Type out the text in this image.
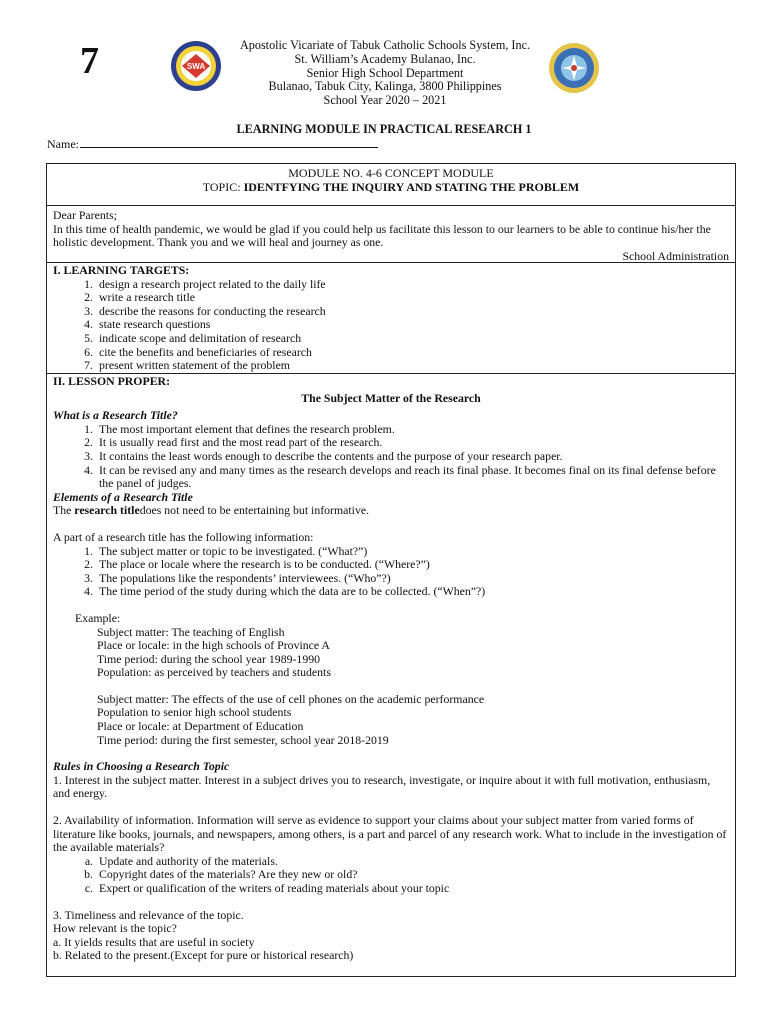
7	SWA
Apostolic Vicariate of Tabuk Catholic Schools System, Inc.
St. William’s Academy Bulanao, Inc.
Senior High School Department
Bulanao, Tabuk City, Kalinga, 3800 Philippines
School Year 2020 – 2021
LEARNING MODULE IN PRACTICAL RESEARCH 1
Name:
MODULE NO. 4-6 CONCEPT MODULE
TOPIC: IDENTFYING THE INQUIRY AND STATING THE PROBLEM

Dear Parents;

In this time of health pandemic, we would be glad if you could help us facilitate this lesson to our learners to be able to continue his/her the holistic development. Thank you and we will heal and journey as one.

School Administration

I. LEARNING TARGETS:

1. design a research project related to the daily life
2. write a research title
3. describe the reasons for conducting the research
4. state research questions
5. indicate scope and delimitation of research
6. cite the benefits and beneficiaries of research
7. present written statement of the problem

II. LESSON PROPER:

The Subject Matter of the Research

What is a Research Title?

1. The most important element that defines the research problem.
2. It is usually read first and the most read part of the research.
3. It contains the least words enough to describe the contents and the purpose of your research paper.
4. It can be revised any and many times as the research develops and reach its final phase. It becomes final on its final defense before the panel of judges.

Elements of a Research Title

The research titledoes not need to be entertaining but informative.

A part of a research title has the following information:

1. The subject matter or topic to be investigated. (“What?”)
2. The place or locale where the research is to be conducted. (“Where?”)
3. The populations like the respondents’ interviewees. (“Who”?)
4. The time period of the study during which the data are to be collected. (“When”?)

Example:

Subject matter: The teaching of English

Place or locale: in the high schools of Province A

Time period: during the school year 1989-1990

Population: as perceived by teachers and students

Subject matter: The effects of the use of cell phones on the academic performance

Population to senior high school students

Place or locale: at Department of Education

Time period: during the first semester, school year 2018-2019

Rules in Choosing a Research Topic

1. Interest in the subject matter. Interest in a subject drives you to research, investigate, or inquire about it with full motivation, enthusiasm, and energy.

2. Availability of information. Information will serve as evidence to support your claims about your subject matter from varied forms of literature like books, journals, and newspapers, among others, is a part and parcel of any research work. What to include in the investigation of the available materials?

a. Update and authority of the materials.
b. Copyright dates of the materials? Are they new or old?
c. Expert or qualification of the writers of reading materials about your topic

3. Timeliness and relevance of the topic.

How relevant is the topic?

a. It yields results that are useful in society

b. Related to the present.(Except for pure or historical research)
